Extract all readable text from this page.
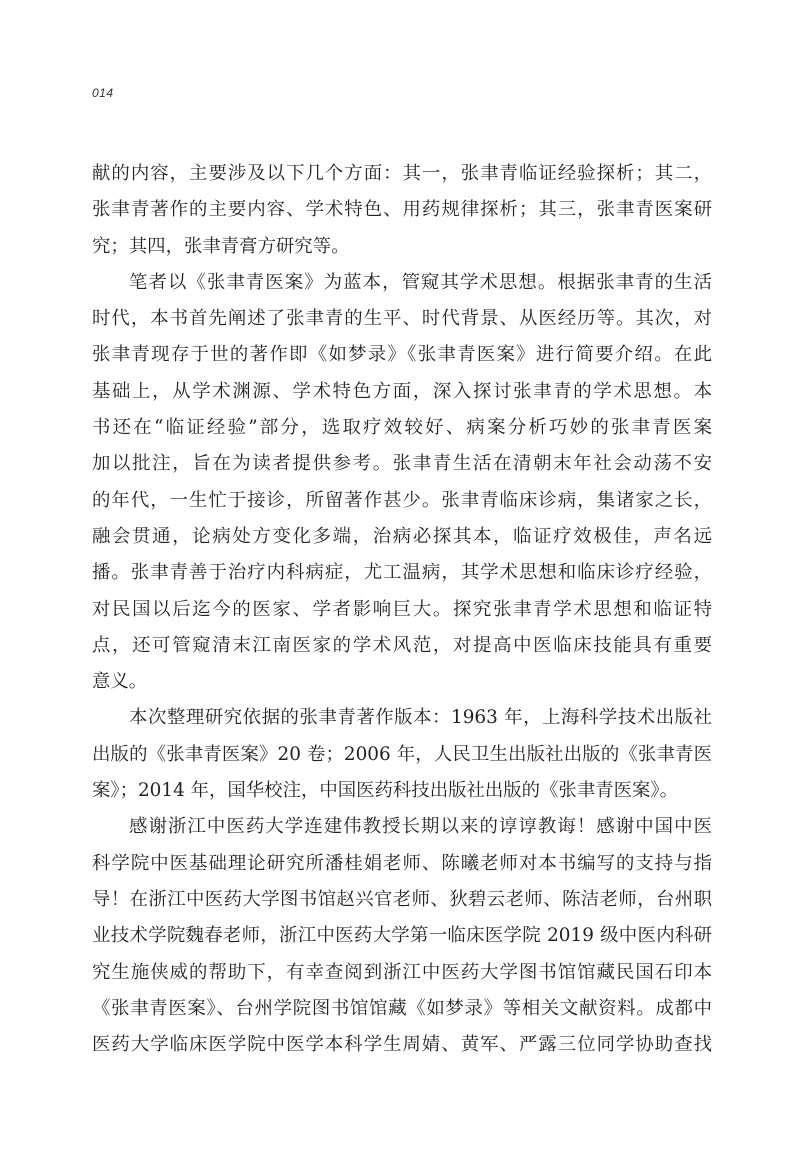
014
献的内容，主要涉及以下几个方面：其一，张聿青临证经验探析；其二，
张聿青著作的主要内容、学术特色、用药规律探析；其三，张聿青医案研
究；其四，张聿青膏方研究等。
笔者以《张聿青医案》为蓝本，管窥其学术思想。根据张聿青的生活
时代，本书首先阐述了张聿青的生平、时代背景、从医经历等。其次，对
张聿青现存于世的著作即《如梦录》《张聿青医案》进行简要介绍。在此
基础上，从学术渊源、学术特色方面，深入探讨张聿青的学术思想。本
书还在“临证经验”部分，选取疗效较好、病案分析巧妙的张聿青医案
加以批注，旨在为读者提供参考。张聿青生活在清朝末年社会动荡不安
的年代，一生忙于接诊，所留著作甚少。张聿青临床诊病，集诸家之长，
融会贯通，论病处方变化多端，治病必探其本，临证疗效极佳，声名远
播。张聿青善于治疗内科病症，尤工温病，其学术思想和临床诊疗经验，
对民国以后迄今的医家、学者影响巨大。探究张聿青学术思想和临证特
点，还可管窥清末江南医家的学术风范，对提高中医临床技能具有重要
意义。
本次整理研究依据的张聿青著作版本：1963 年，上海科学技术出版社
出版的《张聿青医案》20 卷；2006 年，人民卫生出版社出版的《张聿青医
案》；2014 年，国华校注，中国医药科技出版社出版的《张聿青医案》。
感谢浙江中医药大学连建伟教授长期以来的谆谆教诲！感谢中国中医
科学院中医基础理论研究所潘桂娟老师、陈曦老师对本书编写的支持与指
导！在浙江中医药大学图书馆赵兴官老师、狄碧云老师、陈洁老师，台州职
业技术学院魏春老师，浙江中医药大学第一临床医学院 2019 级中医内科研
究生施侠威的帮助下，有幸查阅到浙江中医药大学图书馆馆藏民国石印本
《张聿青医案》、台州学院图书馆馆藏《如梦录》等相关文献资料。成都中
医药大学临床医学院中医学本科学生周婧、黄军、严露三位同学协助查找
